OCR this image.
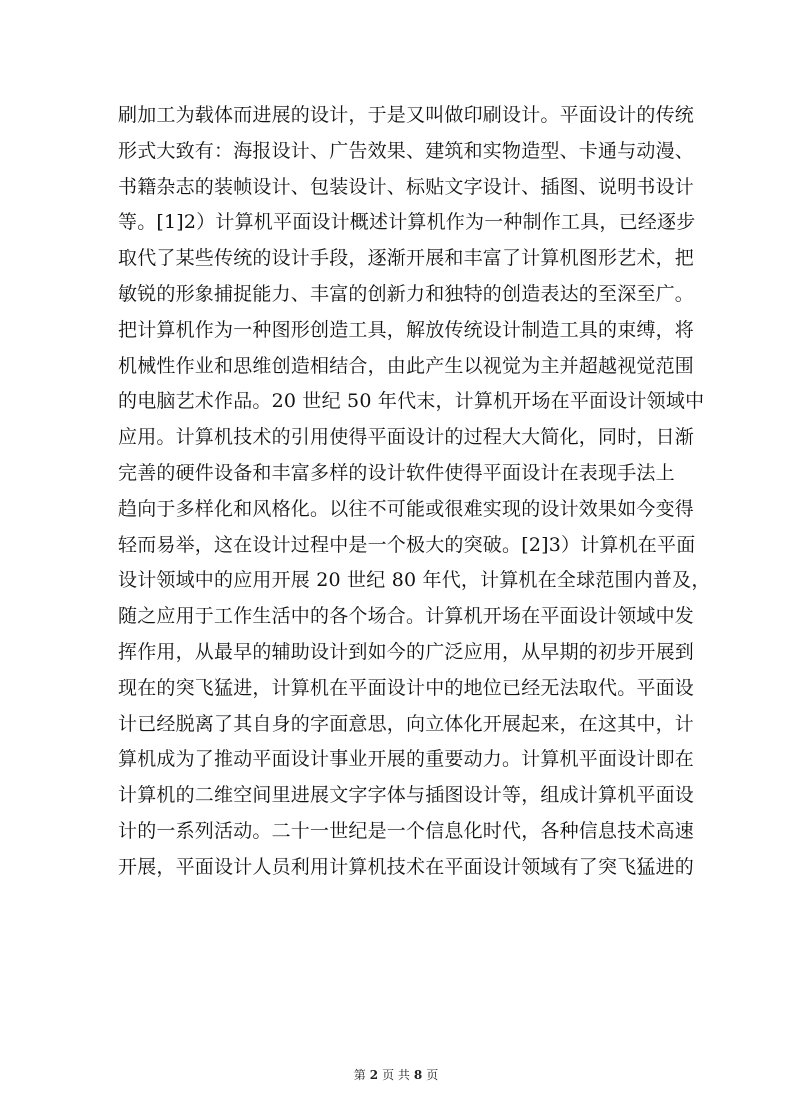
刷加工为载体而进展的设计，于是又叫做印刷设计。平面设计的传统
形式大致有：海报设计、广告效果、建筑和实物造型、卡通与动漫、
书籍杂志的装帧设计、包装设计、标贴文字设计、插图、说明书设计
等。[1]2）计算机平面设计概述计算机作为一种制作工具，已经逐步
取代了某些传统的设计手段，逐渐开展和丰富了计算机图形艺术，把
敏锐的形象捕捉能力、丰富的创新力和独特的创造表达的至深至广。
把计算机作为一种图形创造工具，解放传统设计制造工具的束缚，将
机械性作业和思维创造相结合，由此产生以视觉为主并超越视觉范围
的电脑艺术作品。20 世纪 50 年代末，计算机开场在平面设计领域中
应用。计算机技术的引用使得平面设计的过程大大简化，同时，日渐
完善的硬件设备和丰富多样的设计软件使得平面设计在表现手法上
趋向于多样化和风格化。以往不可能或很难实现的设计效果如今变得
轻而易举，这在设计过程中是一个极大的突破。[2]3）计算机在平面
设计领域中的应用开展 20 世纪 80 年代，计算机在全球范围内普及，
随之应用于工作生活中的各个场合。计算机开场在平面设计领域中发
挥作用，从最早的辅助设计到如今的广泛应用，从早期的初步开展到
现在的突飞猛进，计算机在平面设计中的地位已经无法取代。平面设
计已经脱离了其自身的字面意思，向立体化开展起来，在这其中，计
算机成为了推动平面设计事业开展的重要动力。计算机平面设计即在
计算机的二维空间里进展文字字体与插图设计等，组成计算机平面设
计的一系列活动。二十一世纪是一个信息化时代，各种信息技术高速
开展，平面设计人员利用计算机技术在平面设计领域有了突飞猛进的
第 2 页 共 8 页
